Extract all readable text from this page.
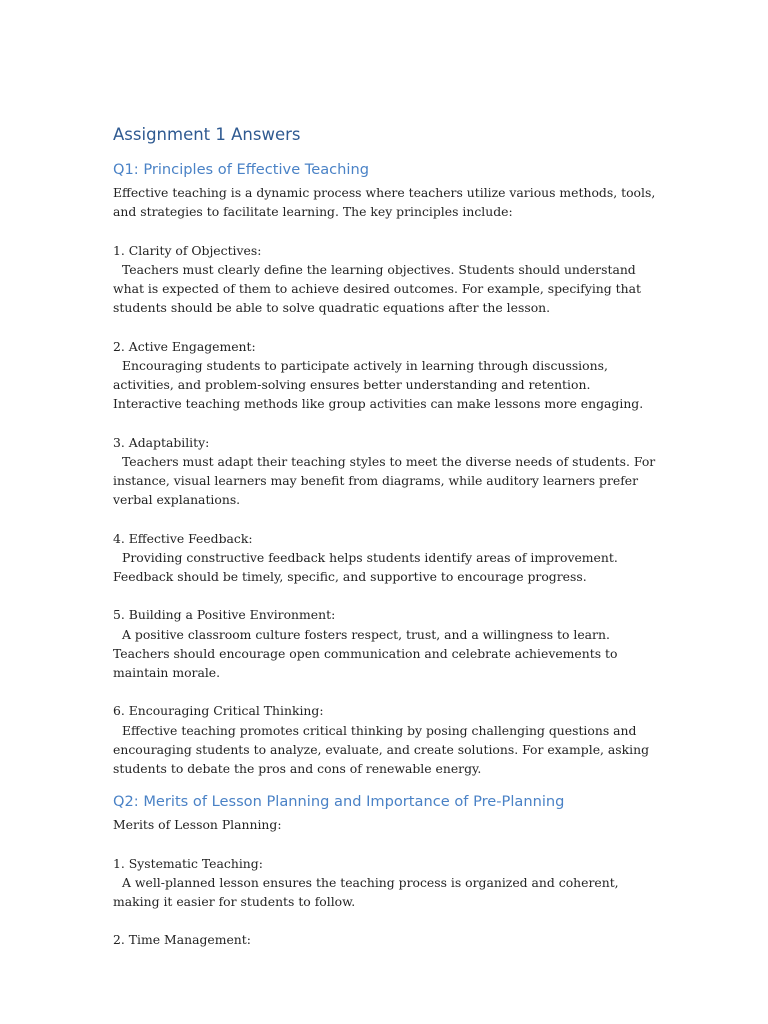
Assignment 1 Answers
Q1: Principles of Effective Teaching

Effective teaching is a dynamic process where teachers utilize various methods, tools, and strategies to facilitate learning. The key principles include:

1. Clarity of Objectives:

Teachers must clearly define the learning objectives. Students should understand what is expected of them to achieve desired outcomes. For example, specifying that students should be able to solve quadratic equations after the lesson.

2. Active Engagement:

Encouraging students to participate actively in learning through discussions, activities, and problem-solving ensures better understanding and retention. Interactive teaching methods like group activities can make lessons more engaging.

3. Adaptability:

Teachers must adapt their teaching styles to meet the diverse needs of students. For instance, visual learners may benefit from diagrams, while auditory learners prefer verbal explanations.

4. Effective Feedback:

Providing constructive feedback helps students identify areas of improvement. Feedback should be timely, specific, and supportive to encourage progress.

5. Building a Positive Environment:

A positive classroom culture fosters respect, trust, and a willingness to learn. Teachers should encourage open communication and celebrate achievements to maintain morale.

6. Encouraging Critical Thinking:

Effective teaching promotes critical thinking by posing challenging questions and encouraging students to analyze, evaluate, and create solutions. For example, asking students to debate the pros and cons of renewable energy.

Q2: Merits of Lesson Planning and Importance of Pre-Planning

Merits of Lesson Planning:

1. Systematic Teaching:

A well-planned lesson ensures the teaching process is organized and coherent, making it easier for students to follow.

2. Time Management:
